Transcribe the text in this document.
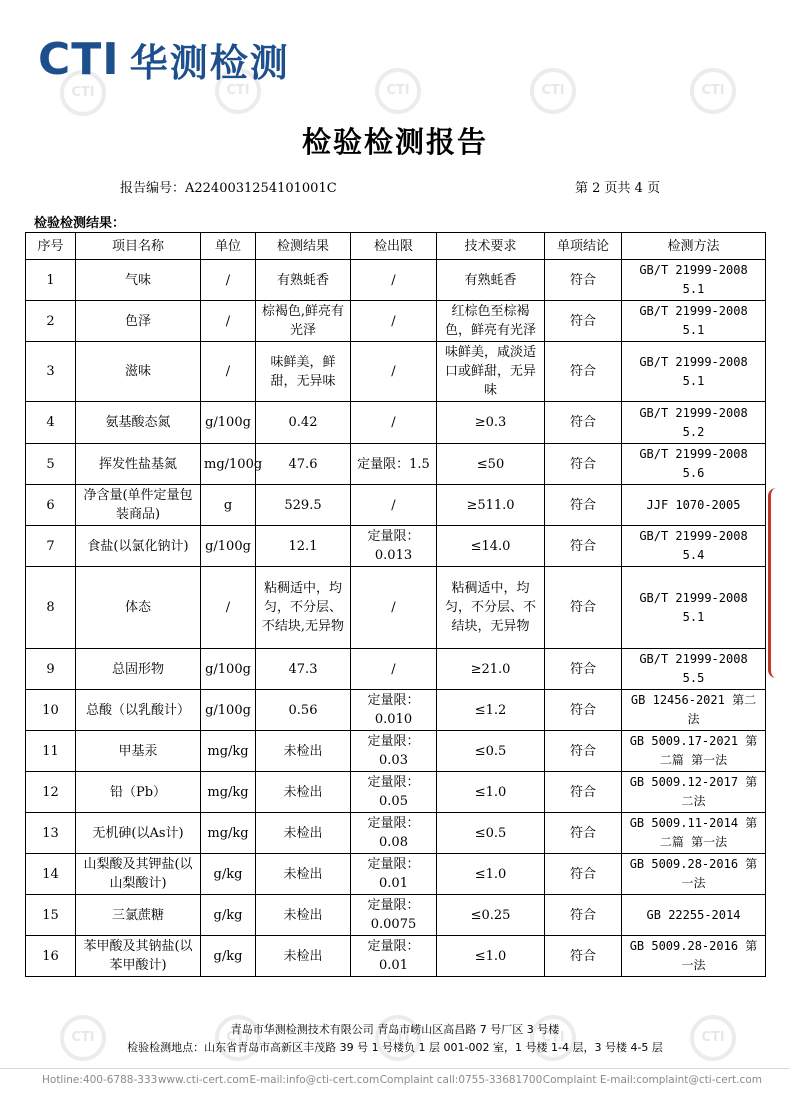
CTI
CTI
CTI
CTI
CTI
CTI
CTI
CTI
CTI
CTI
CTI 华测检测
检验检测报告
报告编号：A2240031254101001C	第 2 页共 4 页
检验检测结果：
序号	项目名称	单位	检测结果	检出限	技术要求	单项结论	检测方法
1	气味	/	有熟蚝香	/	有熟蚝香	符合	GB/T 21999-2008 5.1
2	色泽	/	棕褐色,鲜亮有光泽	/	红棕色至棕褐色，鲜亮有光泽	符合	GB/T 21999-2008 5.1
3	滋味	/	味鲜美，鲜甜，无异味	/	味鲜美，咸淡适口或鲜甜，无异味	符合	GB/T 21999-2008 5.1
4	氨基酸态氮	g/100g	0.42	/	≥0.3	符合	GB/T 21999-2008 5.2
5	挥发性盐基氮	mg/100g	47.6	定量限：1.5	≤50	符合	GB/T 21999-2008 5.6
6	净含量(单件定量包装商品)	g	529.5	/	≥511.0	符合	JJF 1070-2005
7	食盐(以氯化钠计)	g/100g	12.1	定量限：0.013	≤14.0	符合	GB/T 21999-2008 5.4
8	体态	/	粘稠适中，均匀，不分层、不结块,无异物	/	粘稠适中，均匀，不分层、不结块，无异物	符合	GB/T 21999-2008 5.1
9	总固形物	g/100g	47.3	/	≥21.0	符合	GB/T 21999-2008 5.5
10	总酸（以乳酸计）	g/100g	0.56	定量限：0.010	≤1.2	符合	GB 12456-2021 第二法
11	甲基汞	mg/kg	未检出	定量限：0.03	≤0.5	符合	GB 5009.17-2021 第二篇 第一法
12	铅（Pb）	mg/kg	未检出	定量限：0.05	≤1.0	符合	GB 5009.12-2017 第二法
13	无机砷(以As计)	mg/kg	未检出	定量限：0.08	≤0.5	符合	GB 5009.11-2014 第二篇 第一法
14	山梨酸及其钾盐(以山梨酸计)	g/kg	未检出	定量限：0.01	≤1.0	符合	GB 5009.28-2016 第一法
15	三氯蔗糖	g/kg	未检出	定量限：0.0075	≤0.25	符合	GB 22255-2014
16	苯甲酸及其钠盐(以苯甲酸计)	g/kg	未检出	定量限：0.01	≤1.0	符合	GB 5009.28-2016 第一法
青岛市华测检测技术有限公司 青岛市崂山区高昌路 7 号厂区 3 号楼
检验检测地点：山东省青岛市高新区丰茂路 39 号 1 号楼负 1 层 001-002 室，1 号楼 1-4 层，3 号楼 4-5 层
Hotline:400-6788-333 www.cti-cert.com E-mail:info@cti-cert.com Complaint call:0755-33681700 Complaint E-mail:complaint@cti-cert.com
